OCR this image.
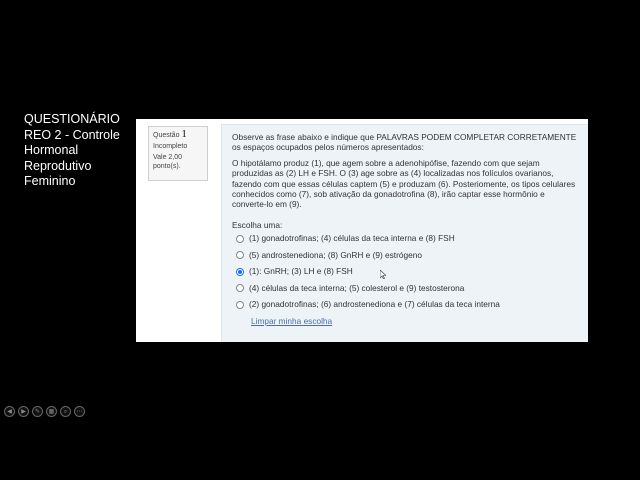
QUESTIONÁRIO REO 2 - Controle Hormonal Reprodutivo Feminino
Questão 1
Incompleto
Vale 2,00 ponto(s).

Observe as frase abaixo e indique que PALAVRAS PODEM COMPLETAR CORRETAMENTE os espaços ocupados pelos números apresentados:

O hipotálamo produz (1), que agem sobre a adenohipófise, fazendo com que sejam produzidas as (2) LH e FSH. O (3) age sobre as (4) localizadas nos folículos ovarianos, fazendo com que essas células captem (5) e produzam (6). Posteriomente, os tipos celulares conhecidos como (7), sob ativação da gonadotrofina (8), irão captar esse hormônio e converte-lo em (9).

Escolha uma:
(1) gonadotrofinas; (4) células da teca interna e (8) FSH
(5) androstenediona; (8) GnRH e (9) estrógeno
(1): GnRH; (3) LH e (8) FSH
(4) células da teca interna; (5) colesterol e (9) testosterona
(2) gonadotrofinas; (6) androstenediona e (7) células da teca interna
Limpar minha escolha
◀	▶	✎	▦	⌕	⋯
